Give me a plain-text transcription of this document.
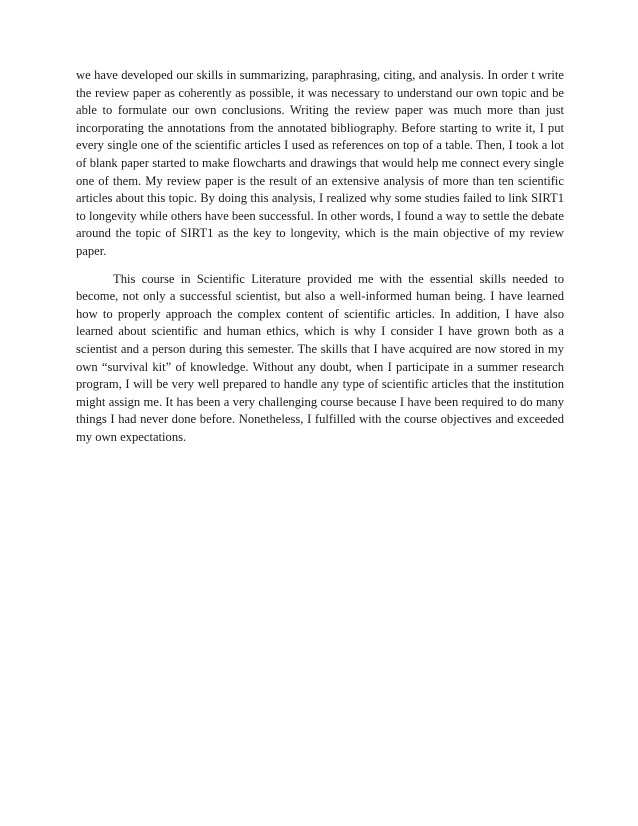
we have developed our skills in summarizing, paraphrasing, citing, and analysis. In order t write the review paper as coherently as possible, it was necessary to understand our own topic and be able to formulate our own conclusions. Writing the review paper was much more than just incorporating the annotations from the annotated bibliography. Before starting to write it, I put every single one of the scientific articles I used as references on top of a table. Then, I took a lot of blank paper started to make flowcharts and drawings that would help me connect every single one of them. My review paper is the result of an extensive analysis of more than ten scientific articles about this topic. By doing this analysis, I realized why some studies failed to link SIRT1 to longevity while others have been successful. In other words, I found a way to settle the debate around the topic of SIRT1 as the key to longevity, which is the main objective of my review paper.

This course in Scientific Literature provided me with the essential skills needed to become, not only a successful scientist, but also a well-informed human being. I have learned how to properly approach the complex content of scientific articles. In addition, I have also learned about scientific and human ethics, which is why I consider I have grown both as a scientist and a person during this semester. The skills that I have acquired are now stored in my own “survival kit” of knowledge. Without any doubt, when I participate in a summer research program, I will be very well prepared to handle any type of scientific articles that the institution might assign me. It has been a very challenging course because I have been required to do many things I had never done before. Nonetheless, I fulfilled with the course objectives and exceeded my own expectations.
